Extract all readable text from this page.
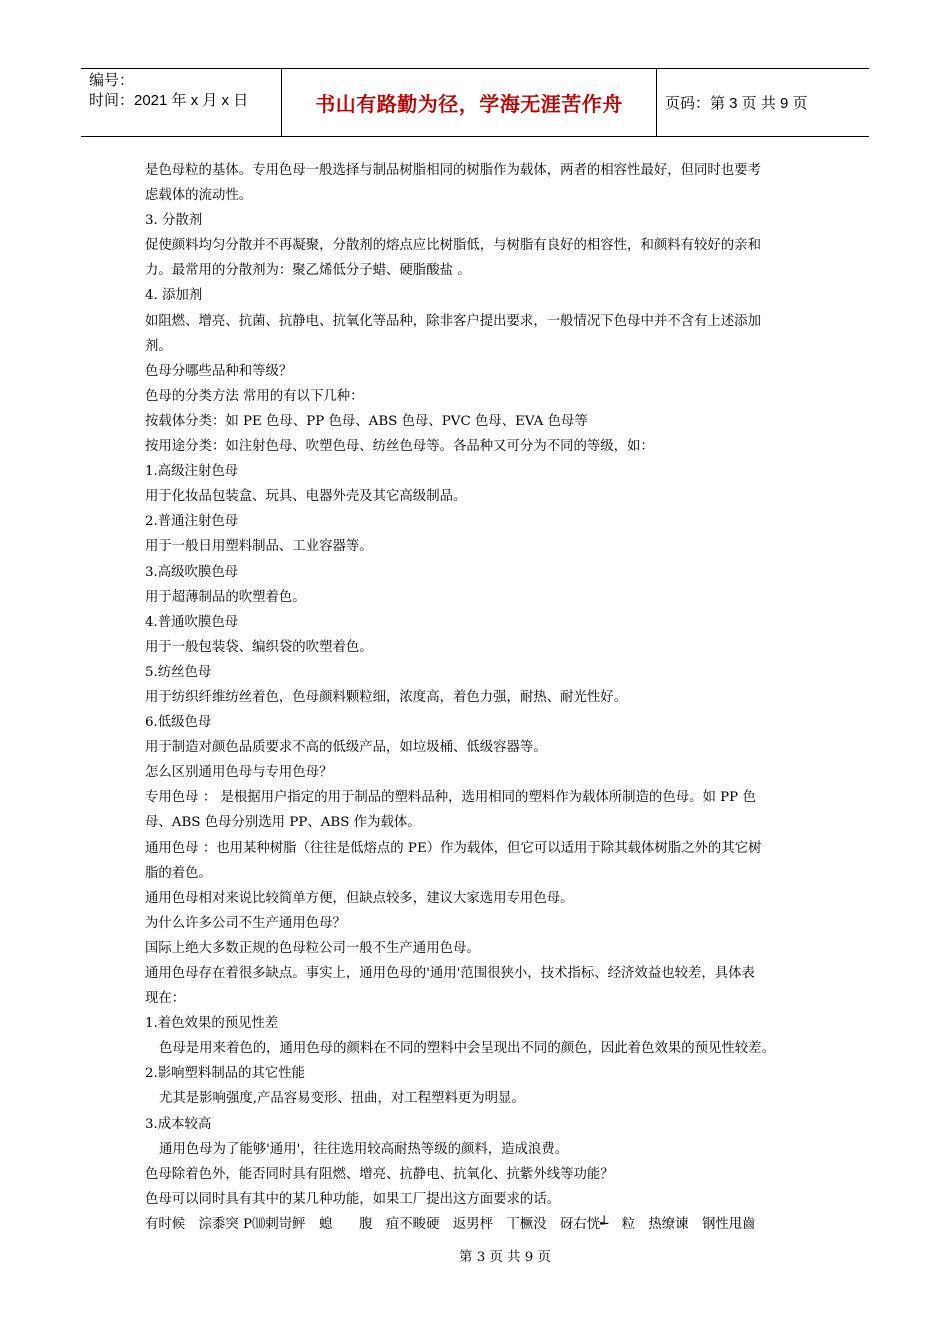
编号：
时间：2021 年 x 月 x 日	书山有路勤为径，学海无涯苦作舟	页码：第 3 页 共 9 页

是色母粒的基体。专用色母一般选择与制品树脂相同的树脂作为载体，两者的相容性最好，但同时也要考

虑载体的流动性。

3. 分散剂

促使颜料均匀分散并不再凝聚，分散剂的熔点应比树脂低，与树脂有良好的相容性，和颜料有较好的亲和

力。最常用的分散剂为：聚乙烯低分子蜡、硬脂酸盐 。

4. 添加剂

如阻燃、增亮、抗菌、抗静电、抗氧化等品种，除非客户提出要求，一般情况下色母中并不含有上述添加

剂。

色母分哪些品种和等级？

色母的分类方法 常用的有以下几种：

按载体分类：如 PE 色母、PP 色母、ABS 色母、PVC 色母、EVA 色母等

按用途分类：如注射色母、吹塑色母、纺丝色母等。各品种又可分为不同的等级，如：

1.高级注射色母

用于化妆品包装盒、玩具、电器外壳及其它高级制品。

2.普通注射色母

用于一般日用塑料制品、工业容器等。

3.高级吹膜色母

用于超薄制品的吹塑着色。

4.普通吹膜色母

用于一般包装袋、编织袋的吹塑着色。

5.纺丝色母

用于纺织纤维纺丝着色，色母颜料颗粒细，浓度高，着色力强，耐热、耐光性好。

6.低级色母

用于制造对颜色品质要求不高的低级产品，如垃圾桶、低级容器等。

怎么区别通用色母与专用色母？

专用色母 ： 是根据用户指定的用于制品的塑料品种，选用相同的塑料作为载体所制造的色母。如 PP 色

母、ABS 色母分别选用 PP、ABS 作为载体。

通用色母 ：也用某种树脂（往往是低熔点的 PE）作为载体，但它可以适用于除其载体树脂之外的其它树

脂的着色。

通用色母相对来说比较简单方便，但缺点较多，建议大家选用专用色母。

为什么许多公司不生产通用色母？

国际上绝大多数正规的色母粒公司一般不生产通用色母。

通用色母存在着很多缺点。事实上，通用色母的'通用'范围很狭小，技术指标、经济效益也较差，具体表

现在：

1.着色效果的预见性差

色母是用来着色的，通用色母的颜料在不同的塑料中会呈现出不同的颜色，因此着色效果的预见性较差。

2.影响塑料制品的其它性能

尤其是影响强度,产品容易变形、扭曲，对工程塑料更为明显。

3.成本较高

通用色母为了能够'通用'，往往选用较高耐热等级的颜料，造成浪费。

色母除着色外，能否同时具有阻燃、增亮、抗静电、抗氧化、抗紫外线等功能？

色母可以同时具有其中的某几种功能，如果工厂提出这方面要求的话。

有时候　淙黍突 P⑽剌岢鲆　螅　　腹　疽不畯硬　返男枰　丅橛没　砑右恍┵　粒　热缭谏　钢性甩齒

第 3 页 共 9 页
